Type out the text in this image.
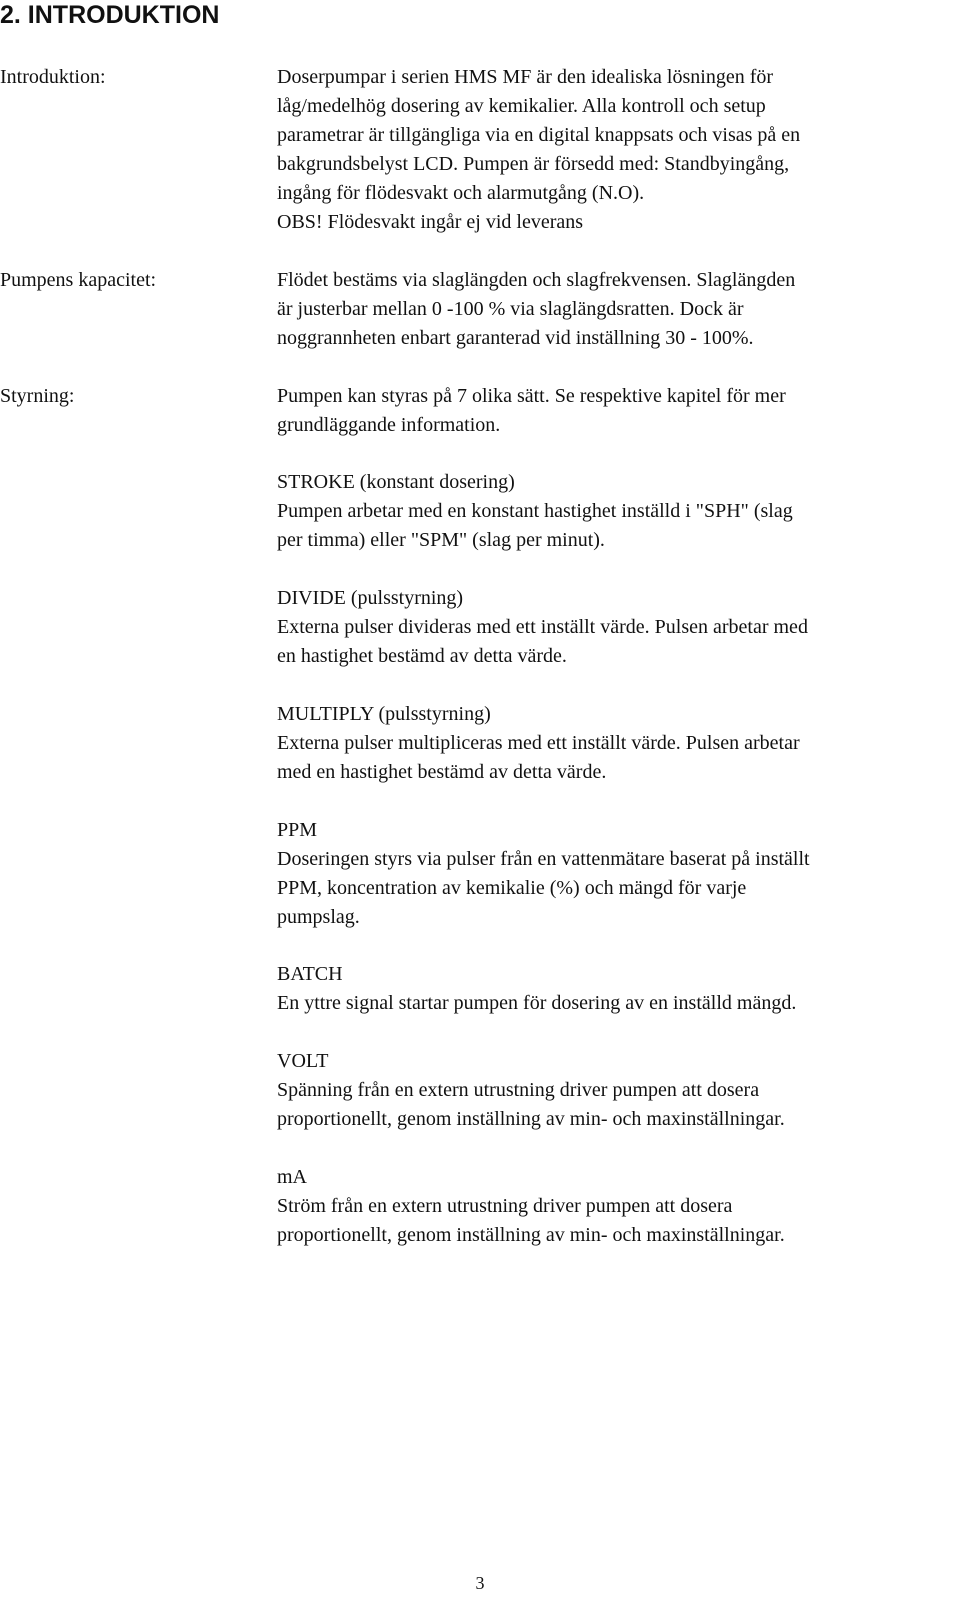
2. INTRODUKTION
Introduktion:	Doserpumpar i serien HMS MF är den idealiska lösningen för
låg/medelhög dosering av kemikalier. Alla kontroll och setup
parametrar är tillgängliga via en digital knappsats och visas på en
bakgrundsbelyst LCD. Pumpen är försedd med: Standbyingång,
ingång för flödesvakt och alarmutgång (N.O).
OBS! Flödesvakt ingår ej vid leverans
Pumpens kapacitet:	Flödet bestäms via slaglängden och slagfrekvensen. Slaglängden
är justerbar mellan 0 -100 % via slaglängdsratten. Dock är
noggrannheten enbart garanterad vid inställning 30 - 100%.
Styrning:	Pumpen kan styras på 7 olika sätt. Se respektive kapitel för mer
grundläggande information.
STROKE (konstant dosering)
Pumpen arbetar med en konstant hastighet inställd i "SPH" (slag
per timma) eller "SPM" (slag per minut).
DIVIDE (pulsstyrning)
Externa pulser divideras med ett inställt värde. Pulsen arbetar med
en hastighet bestämd av detta värde.
MULTIPLY (pulsstyrning)
Externa pulser multipliceras med ett inställt värde. Pulsen arbetar
med en hastighet bestämd av detta värde.
PPM
Doseringen styrs via pulser från en vattenmätare baserat på inställt
PPM, koncentration av kemikalie (%) och mängd för varje
pumpslag.
BATCH
En yttre signal startar pumpen för dosering av en inställd mängd.
VOLT
Spänning från en extern utrustning driver pumpen att dosera
proportionellt, genom inställning av min- och maxinställningar.
mA
Ström från en extern utrustning driver pumpen att dosera
proportionellt, genom inställning av min- och maxinställningar.
3
